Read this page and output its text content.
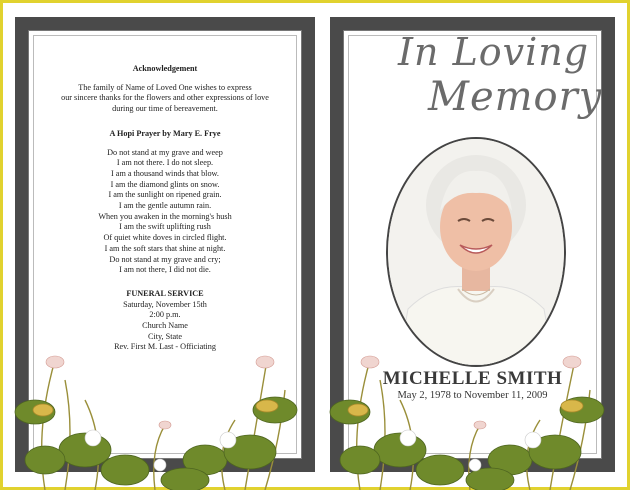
Acknowledgement
The family of Name of Loved One wishes to express
our sincere thanks for the flowers and other expressions of love
during our time of bereavement.
A Hopi Prayer by Mary E. Frye
Do not stand at my grave and weep
I am not there. I do not sleep.
I am a thousand winds that blow.
I am the diamond glints on snow.
I am the sunlight on ripened grain.
I am the gentle autumn rain.
When you awaken in the morning's hush
I am the swift uplifting rush
Of quiet white doves in circled flight.
I am the soft stars that shine at night.
Do not stand at my grave and cry;
I am not there, I did not die.
FUNERAL SERVICE
Saturday, November 15th
2:00 p.m.
Church Name
City, State
Rev. First M. Last - Officiating
In Loving
Memory
MICHELLE SMITH
May 2, 1978 to November 11, 2009
